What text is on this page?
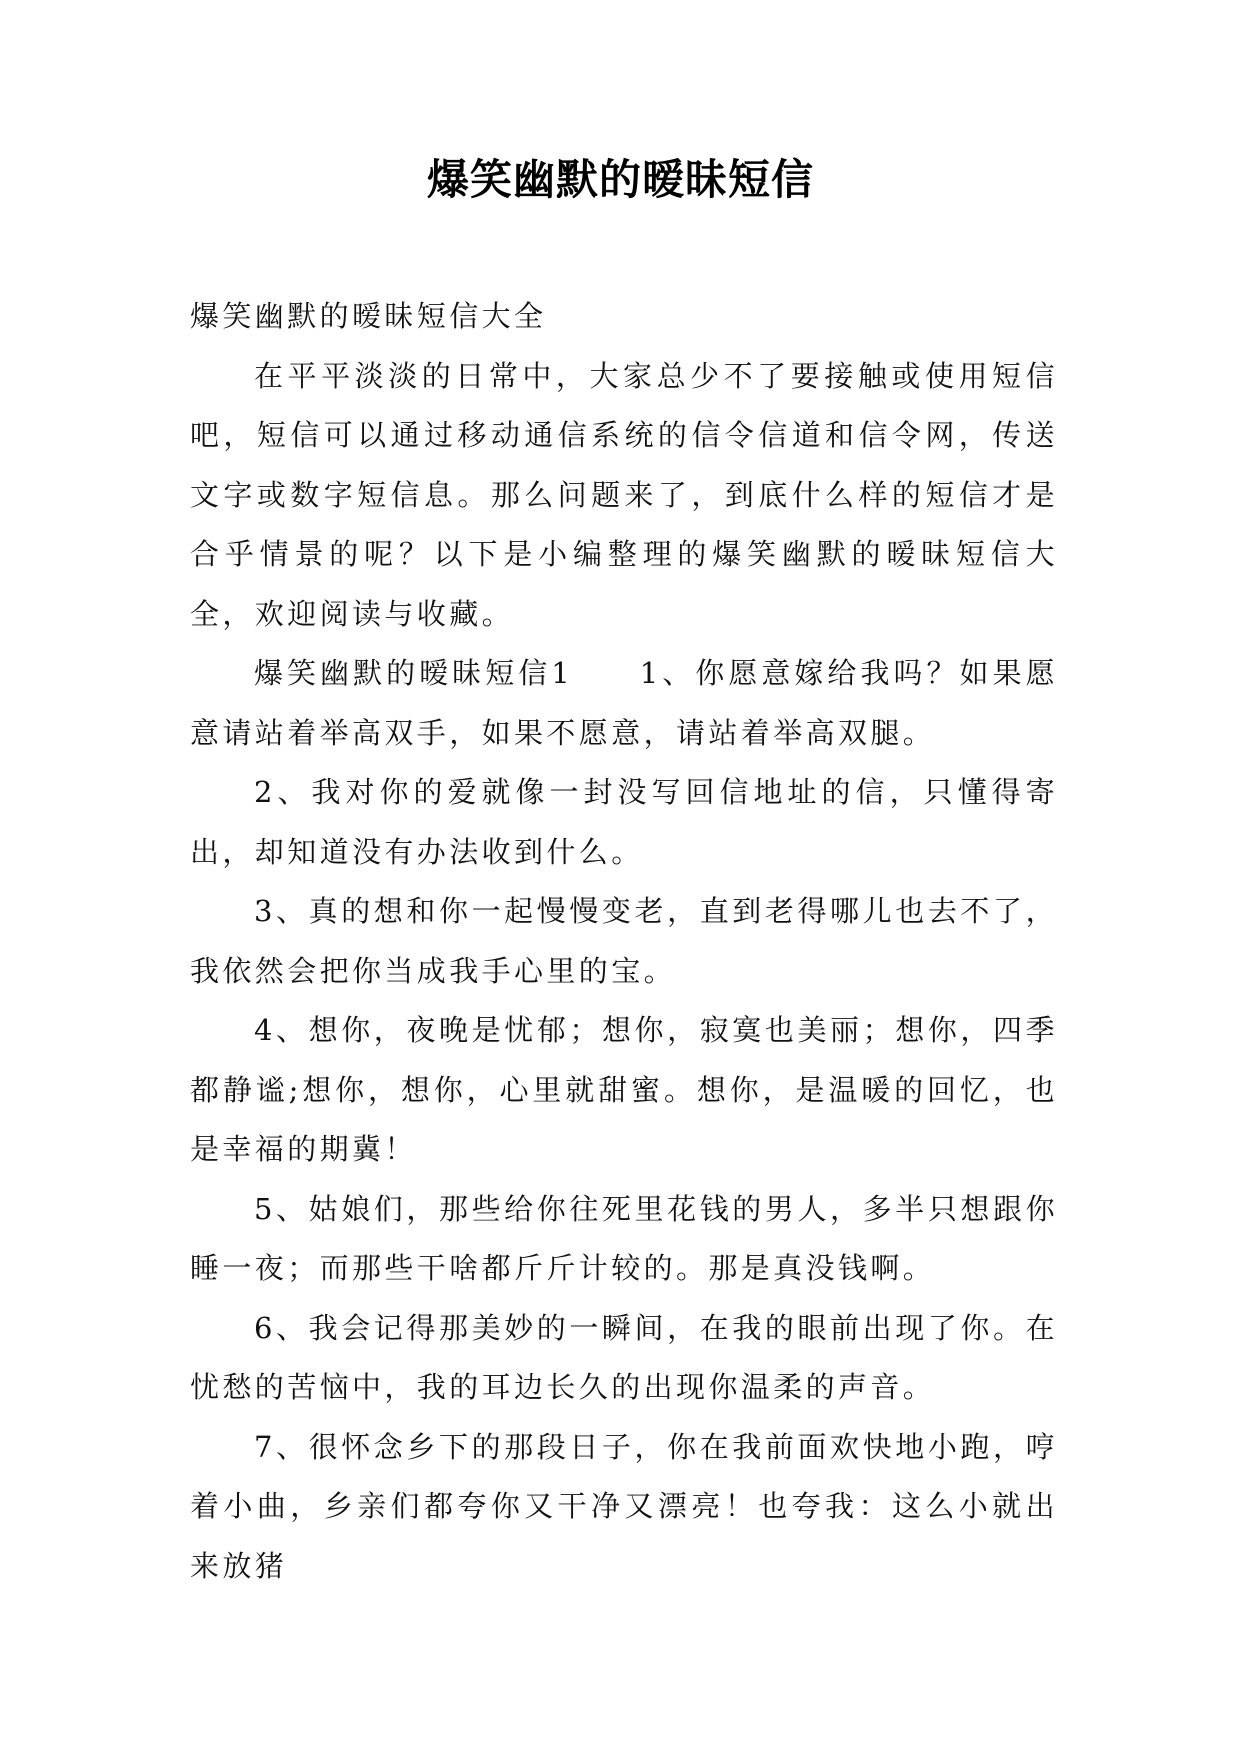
爆笑幽默的暧昧短信

爆笑幽默的暧昧短信大全

在平平淡淡的日常中，大家总少不了要接触或使用短信吧，短信可以通过移动通信系统的信令信道和信令网，传送文字或数字短信息。那么问题来了，到底什么样的短信才是合乎情景的呢？以下是小编整理的爆笑幽默的暧昧短信大全，欢迎阅读与收藏。

爆笑幽默的暧昧短信1　　1、你愿意嫁给我吗？如果愿意请站着举高双手，如果不愿意，请站着举高双腿。

2、我对你的爱就像一封没写回信地址的信，只懂得寄出，却知道没有办法收到什么。

3、真的想和你一起慢慢变老，直到老得哪儿也去不了，我依然会把你当成我手心里的宝。

4、想你，夜晚是忧郁；想你，寂寞也美丽；想你，四季都静谧;想你，想你，心里就甜蜜。想你，是温暖的回忆，也是幸福的期冀！

5、姑娘们，那些给你往死里花钱的男人，多半只想跟你睡一夜；而那些干啥都斤斤计较的。那是真没钱啊。

6、我会记得那美妙的一瞬间，在我的眼前出现了你。在忧愁的苦恼中，我的耳边长久的出现你温柔的声音。

7、很怀念乡下的那段日子，你在我前面欢快地小跑，哼着小曲，乡亲们都夸你又干净又漂亮！也夸我：这么小就出来放猪
